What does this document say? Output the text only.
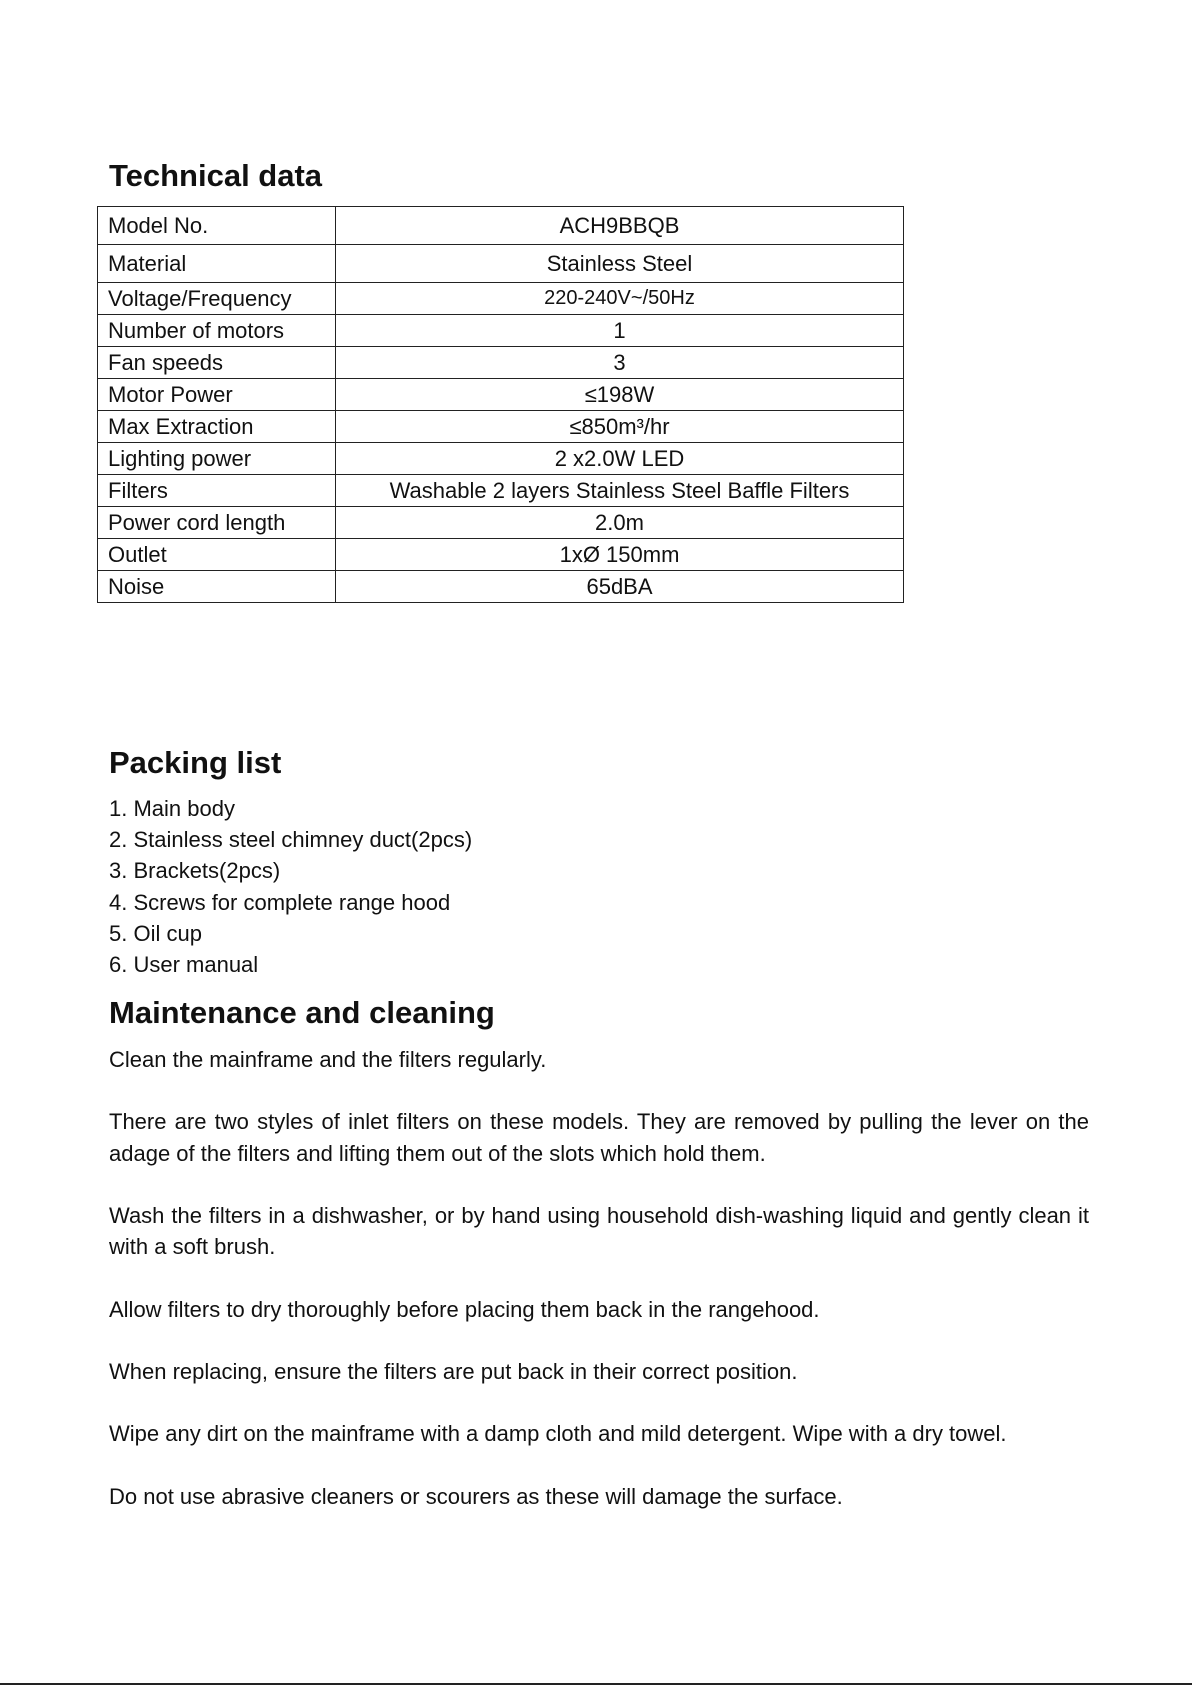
Technical data
Model No.	ACH9BBQB
Material	Stainless Steel
Voltage/Frequency	220-240V~/50Hz
Number of motors	1
Fan speeds	3
Motor Power	≤198W
Max Extraction	≤850m³/hr
Lighting power	2 x2.0W LED
Filters	Washable 2 layers Stainless Steel Baffle Filters
Power cord length	2.0m
Outlet	1xØ 150mm
Noise	65dBA
Packing list
1. Main body
2. Stainless steel chimney duct(2pcs)
3. Brackets(2pcs)
4. Screws for complete range hood
5. Oil cup
6. User manual
Maintenance and cleaning

Clean the mainframe and the filters regularly.

There are two styles of inlet filters on these models. They are removed by pulling the lever on the adage of the filters and lifting them out of the slots which hold them.

Wash the filters in a dishwasher, or by hand using household dish-washing liquid and gently clean it with a soft brush.

Allow filters to dry thoroughly before placing them back in the rangehood.

When replacing, ensure the filters are put back in their correct position.

Wipe any dirt on the mainframe with a damp cloth and mild detergent. Wipe with a dry towel.

Do not use abrasive cleaners or scourers as these will damage the surface.
